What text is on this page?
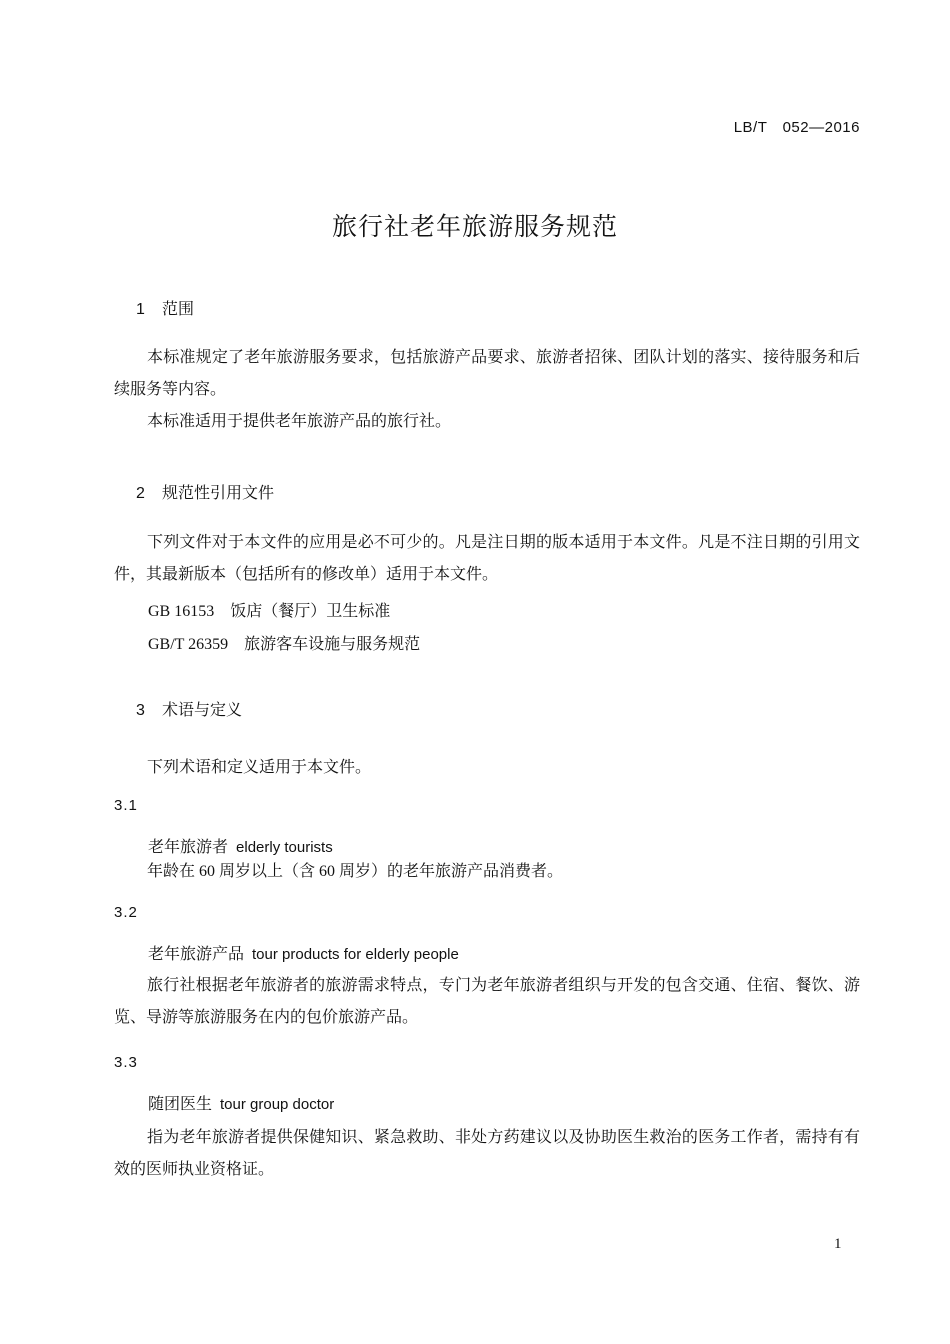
LB/T　052—2016
旅行社老年旅游服务规范
1 范围
本标准规定了老年旅游服务要求，包括旅游产品要求、旅游者招徕、团队计划的落实、接待服务和后续服务等内容。
本标准适用于提供老年旅游产品的旅行社。
2 规范性引用文件
下列文件对于本文件的应用是必不可少的。凡是注日期的版本适用于本文件。凡是不注日期的引用文件，其最新版本（包括所有的修改单）适用于本文件。
GB 16153 饭店（餐厅）卫生标准
GB/T 26359 旅游客车设施与服务规范
3 术语与定义
下列术语和定义适用于本文件。
3.1
老年旅游者 elderly tourists
年龄在 60 周岁以上（含 60 周岁）的老年旅游产品消费者。
3.2
老年旅游产品 tour products for elderly people
旅行社根据老年旅游者的旅游需求特点，专门为老年旅游者组织与开发的包含交通、住宿、餐饮、游览、导游等旅游服务在内的包价旅游产品。
3.3
随团医生 tour group doctor
指为老年旅游者提供保健知识、紧急救助、非处方药建议以及协助医生救治的医务工作者，需持有有效的医师执业资格证。
1
